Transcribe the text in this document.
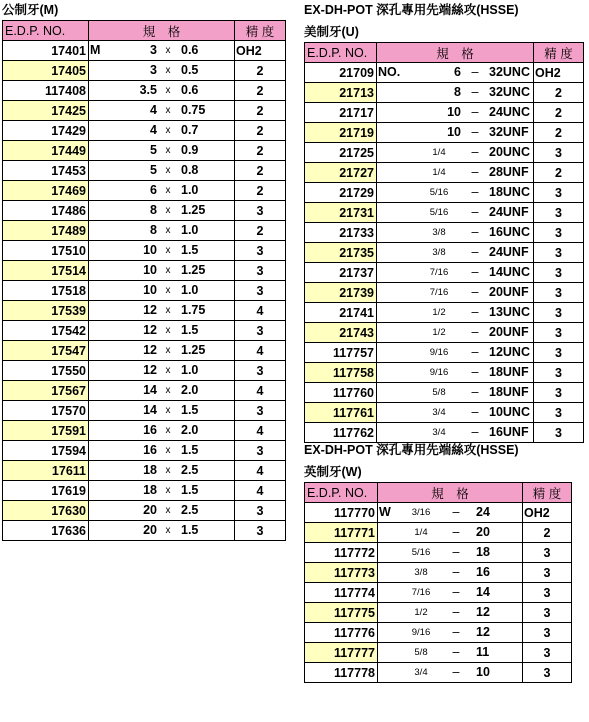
公制牙(M)
E.D.P. NO.	規　格	精 度
17401	M 3 x 0.6	OH2
17405	3 x 0.5	2
117408	3.5 x 0.6	2
17425	4 x 0.75	2
17429	4 x 0.7	2
17449	5 x 0.9	2
17453	5 x 0.8	2
17469	6 x 1.0	2
17486	8 x 1.25	3
17489	8 x 1.0	2
17510	10 x 1.5	3
17514	10 x 1.25	3
17518	10 x 1.0	3
17539	12 x 1.75	4
17542	12 x 1.5	3
17547	12 x 1.25	4
17550	12 x 1.0	3
17567	14 x 2.0	4
17570	14 x 1.5	3
17591	16 x 2.0	4
17594	16 x 1.5	3
17611	18 x 2.5	4
17619	18 x 1.5	4
17630	20 x 2.5	3
17636	20 x 1.5	3
EX-DH-POT 深孔專用先端絲攻(HSSE)
美制牙(U)
E.D.P. NO.	規　格	精 度
21709	NO. 6 – 32UNC	OH2
21713	8 – 32UNC	2
21717	10 – 24UNC	2
21719	10 – 32UNF	2
21725	1/4 – 20UNC	3
21727	1/4 – 28UNF	2
21729	5/16 – 18UNC	3
21731	5/16 – 24UNF	3
21733	3/8 – 16UNC	3
21735	3/8 – 24UNF	3
21737	7/16 – 14UNC	3
21739	7/16 – 20UNF	3
21741	1/2 – 13UNC	3
21743	1/2 – 20UNF	3
117757	9/16 – 12UNC	3
117758	9/16 – 18UNF	3
117760	5/8 – 18UNF	3
117761	3/4 – 10UNC	3
117762	3/4 – 16UNF	3
EX-DH-POT 深孔專用先端絲攻(HSSE)
英制牙(W)
E.D.P. NO.	規　格	精 度
117770	W 3/16 – 24	OH2
117771	1/4 – 20	2
117772	5/16 – 18	3
117773	3/8 – 16	3
117774	7/16 – 14	3
117775	1/2 – 12	3
117776	9/16 – 12	3
117777	5/8 – 11	3
117778	3/4 – 10	3
